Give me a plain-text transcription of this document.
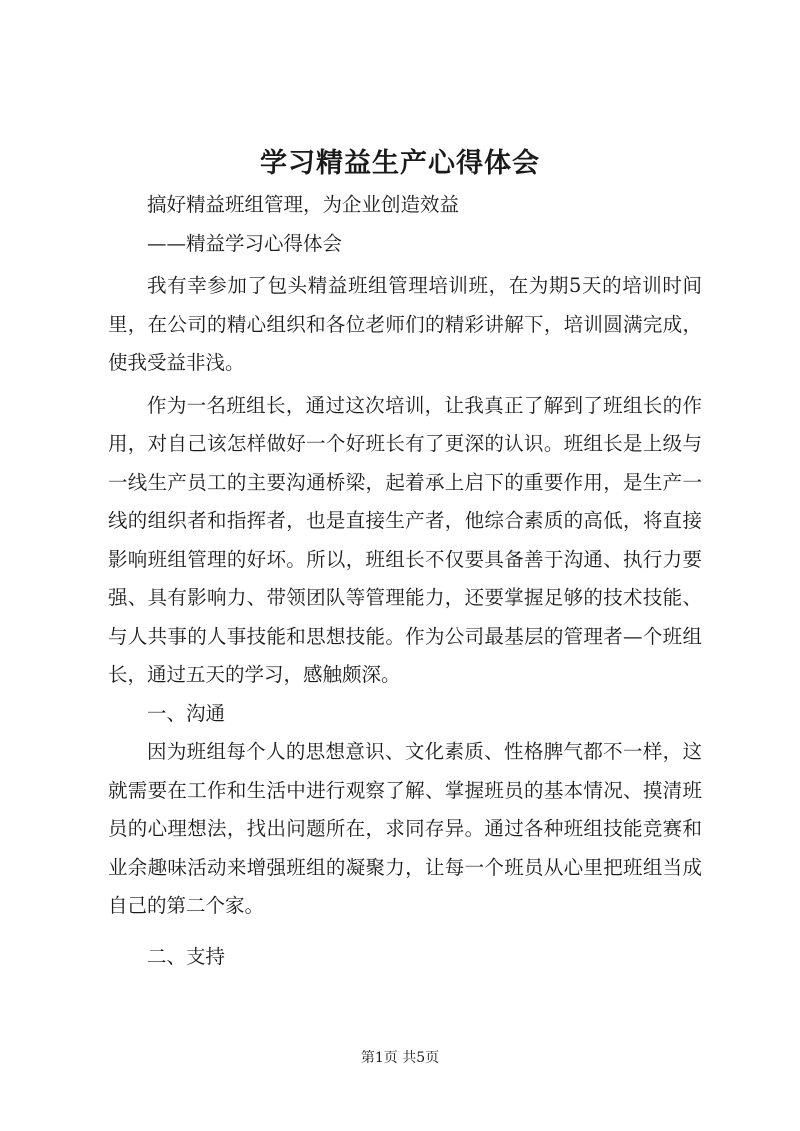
学习精益生产心得体会

搞好精益班组管理，为企业创造效益

——精益学习心得体会

我有幸参加了包头精益班组管理培训班，在为期5天的培训时间里，在公司的精心组织和各位老师们的精彩讲解下，培训圆满完成，使我受益非浅。

作为一名班组长，通过这次培训，让我真正了解到了班组长的作用，对自己该怎样做好一个好班长有了更深的认识。班组长是上级与一线生产员工的主要沟通桥梁，起着承上启下的重要作用，是生产一线的组织者和指挥者，也是直接生产者，他综合素质的高低，将直接影响班组管理的好坏。所以，班组长不仅要具备善于沟通、执行力要强、具有影响力、带领团队等管理能力，还要掌握足够的技术技能、与人共事的人事技能和思想技能。作为公司最基层的管理者—个班组长，通过五天的学习，感触颇深。

一、沟通

因为班组每个人的思想意识、文化素质、性格脾气都不一样，这就需要在工作和生活中进行观察了解、掌握班员的基本情况、摸清班员的心理想法，找出问题所在，求同存异。通过各种班组技能竞赛和业余趣味活动来增强班组的凝聚力，让每一个班员从心里把班组当成自己的第二个家。

二、支持

第1页 共5页
